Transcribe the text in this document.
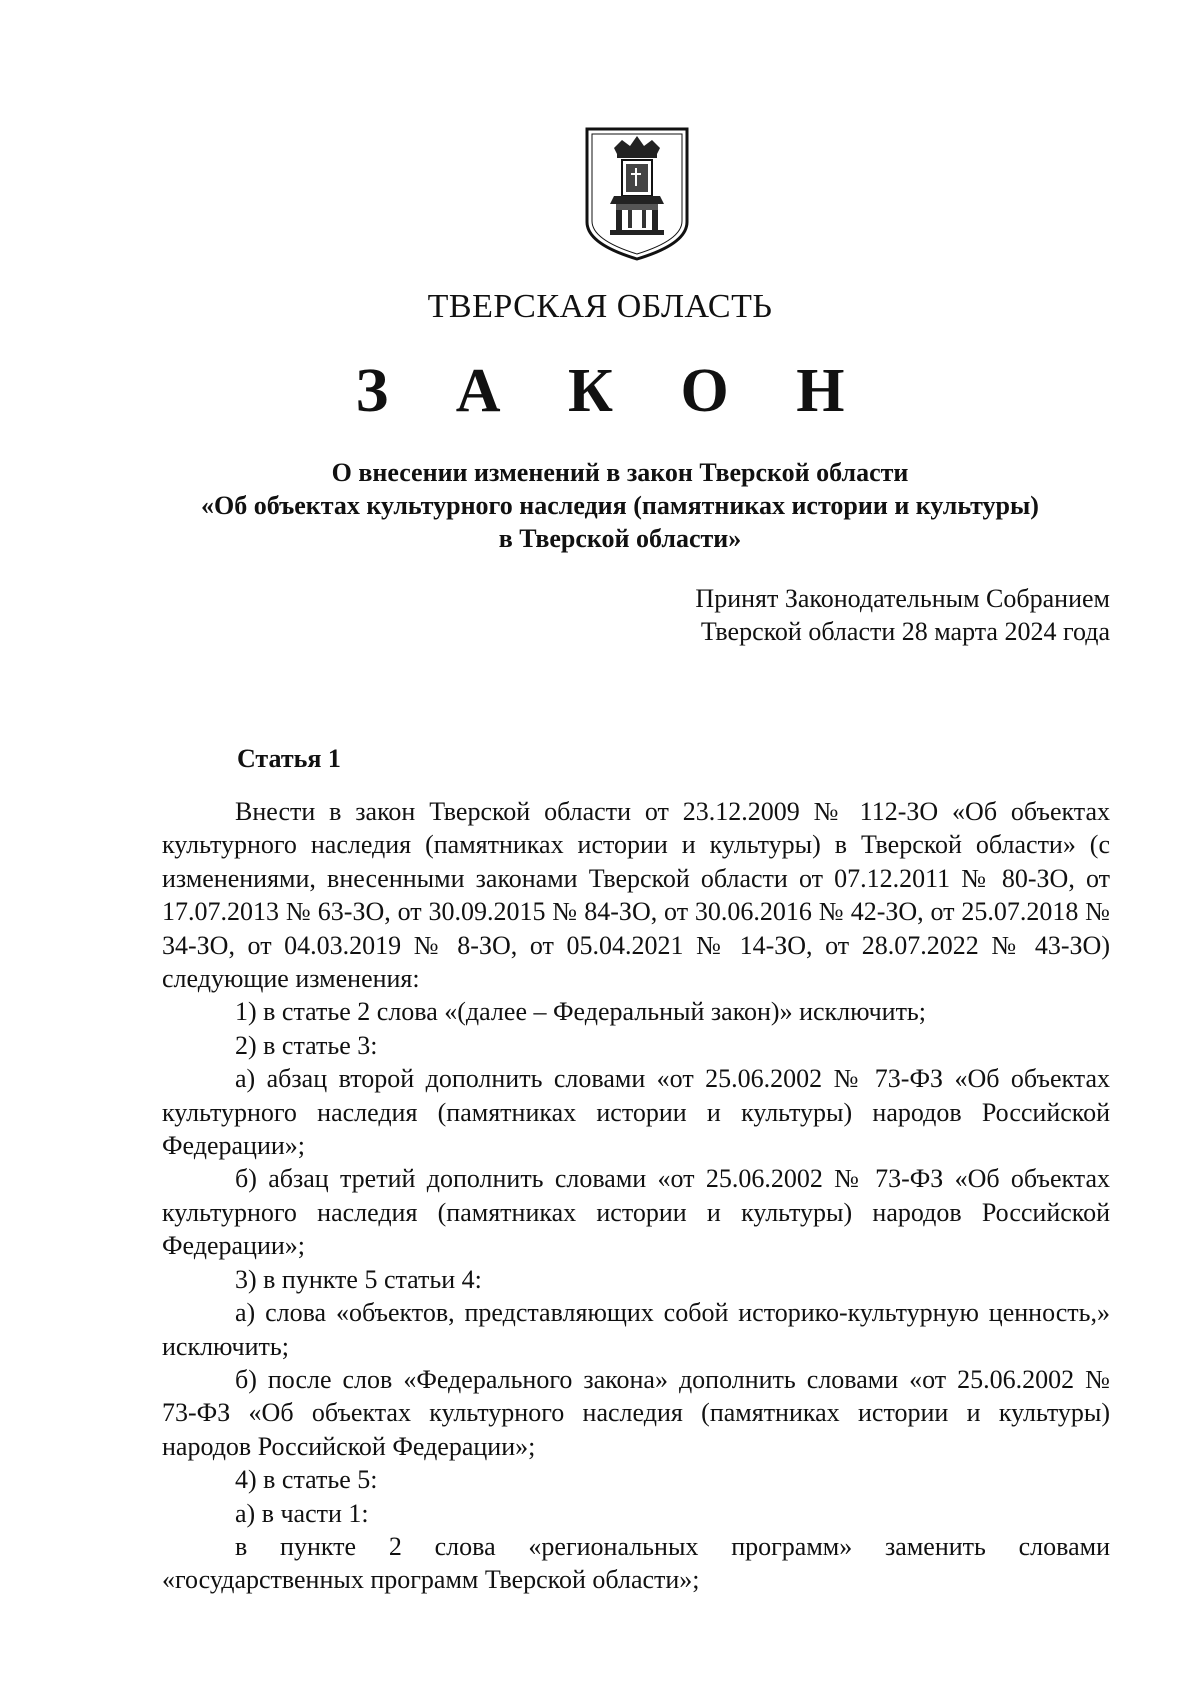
ТВЕРСКАЯ ОБЛАСТЬ
З А К О Н
О внесении изменений в закон Тверской области
«Об объектах культурного наследия (памятниках истории и культуры)
в Тверской области»
Принят Законодательным Собранием
Тверской области 28 марта 2024 года
Статья 1

Внести в закон Тверской области от 23.12.2009 № 112-ЗО «Об объектах культурного наследия (памятниках истории и культуры) в Тверской области» (с изменениями, внесенными законами Тверской области от 07.12.2011 № 80-ЗО, от 17.07.2013 № 63-ЗО, от 30.09.2015 № 84-ЗО, от 30.06.2016 № 42-ЗО, от 25.07.2018 № 34-ЗО, от 04.03.2019 № 8-ЗО, от 05.04.2021 № 14-ЗО, от 28.07.2022 № 43-ЗО) следующие изменения:

1) в статье 2 слова «(далее – Федеральный закон)» исключить;

2) в статье 3:

а) абзац второй дополнить словами «от 25.06.2002 № 73-ФЗ «Об объектах культурного наследия (памятниках истории и культуры) народов Российской Федерации»;

б) абзац третий дополнить словами «от 25.06.2002 № 73-ФЗ «Об объектах культурного наследия (памятниках истории и культуры) народов Российской Федерации»;

3) в пункте 5 статьи 4:

а) слова «объектов, представляющих собой историко-культурную ценность,» исключить;

б) после слов «Федерального закона» дополнить словами «от 25.06.2002 № 73-ФЗ «Об объектах культурного наследия (памятниках истории и культуры) народов Российской Федерации»;

4) в статье 5:

а) в части 1:

в пункте 2 слова «региональных программ» заменить словами «государственных программ Тверской области»;
